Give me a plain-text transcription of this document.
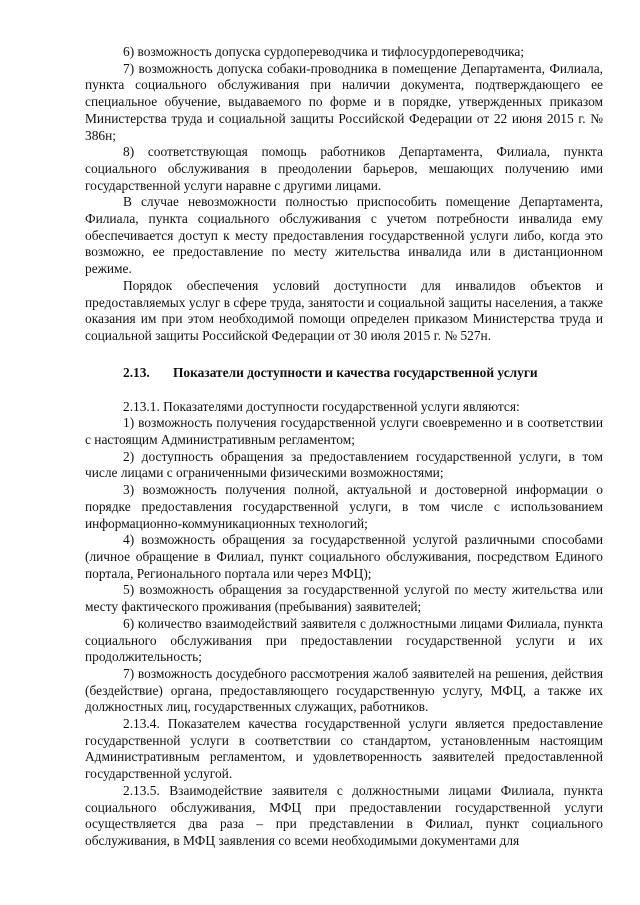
6) возможность допуска сурдопереводчика и тифлосурдопереводчика;

7) возможность допуска собаки-проводника в помещение Департамента, Филиала, пункта социального обслуживания при наличии документа, подтверждающего ее специальное обучение, выдаваемого по форме и в порядке, утвержденных приказом Министерства труда и социальной защиты Российской Федерации от 22 июня 2015 г. № 386н;

8) соответствующая помощь работников Департамента, Филиала, пункта социального обслуживания в преодолении барьеров, мешающих получению ими государственной услуги наравне с другими лицами.

В случае невозможности полностью приспособить помещение Департамента, Филиала, пункта социального обслуживания с учетом потребности инвалида ему обеспечивается доступ к месту предоставления государственной услуги либо, когда это возможно, ее предоставление по месту жительства инвалида или в дистанционном режиме.

Порядок обеспечения условий доступности для инвалидов объектов и предоставляемых услуг в сфере труда, занятости и социальной защиты населения, а также оказания им при этом необходимой помощи определен приказом Министерства труда и социальной защиты Российской Федерации от 30 июля 2015 г. № 527н.

2.13.	Показатели доступности и качества государственной услуги

2.13.1. Показателями доступности государственной услуги являются:

1) возможность получения государственной услуги своевременно и в соответствии с настоящим Административным регламентом;

2) доступность обращения за предоставлением государственной услуги, в том числе лицами с ограниченными физическими возможностями;

3) возможность получения полной, актуальной и достоверной информации о порядке предоставления государственной услуги, в том числе с использованием информационно-коммуникационных технологий;

4) возможность обращения за государственной услугой различными способами (личное обращение в Филиал, пункт социального обслуживания, посредством Единого портала, Регионального портала или через МФЦ);

5) возможность обращения за государственной услугой по месту жительства или месту фактического проживания (пребывания) заявителей;

6) количество взаимодействий заявителя с должностными лицами Филиала, пункта социального обслуживания при предоставлении государственной услуги и их продолжительность;

7) возможность досудебного рассмотрения жалоб заявителей на решения, действия (бездействие) органа, предоставляющего государственную услугу, МФЦ, а также их должностных лиц, государственных служащих, работников.

2.13.4. Показателем качества государственной услуги является предоставление государственной услуги в соответствии со стандартом, установленным настоящим Административным регламентом, и удовлетворенность заявителей предоставленной государственной услугой.

2.13.5. Взаимодействие заявителя с должностными лицами Филиала, пункта социального обслуживания, МФЦ при предоставлении государственной услуги осуществляется два раза – при представлении в Филиал, пункт социального обслуживания, в МФЦ заявления со всеми необходимыми документами для
